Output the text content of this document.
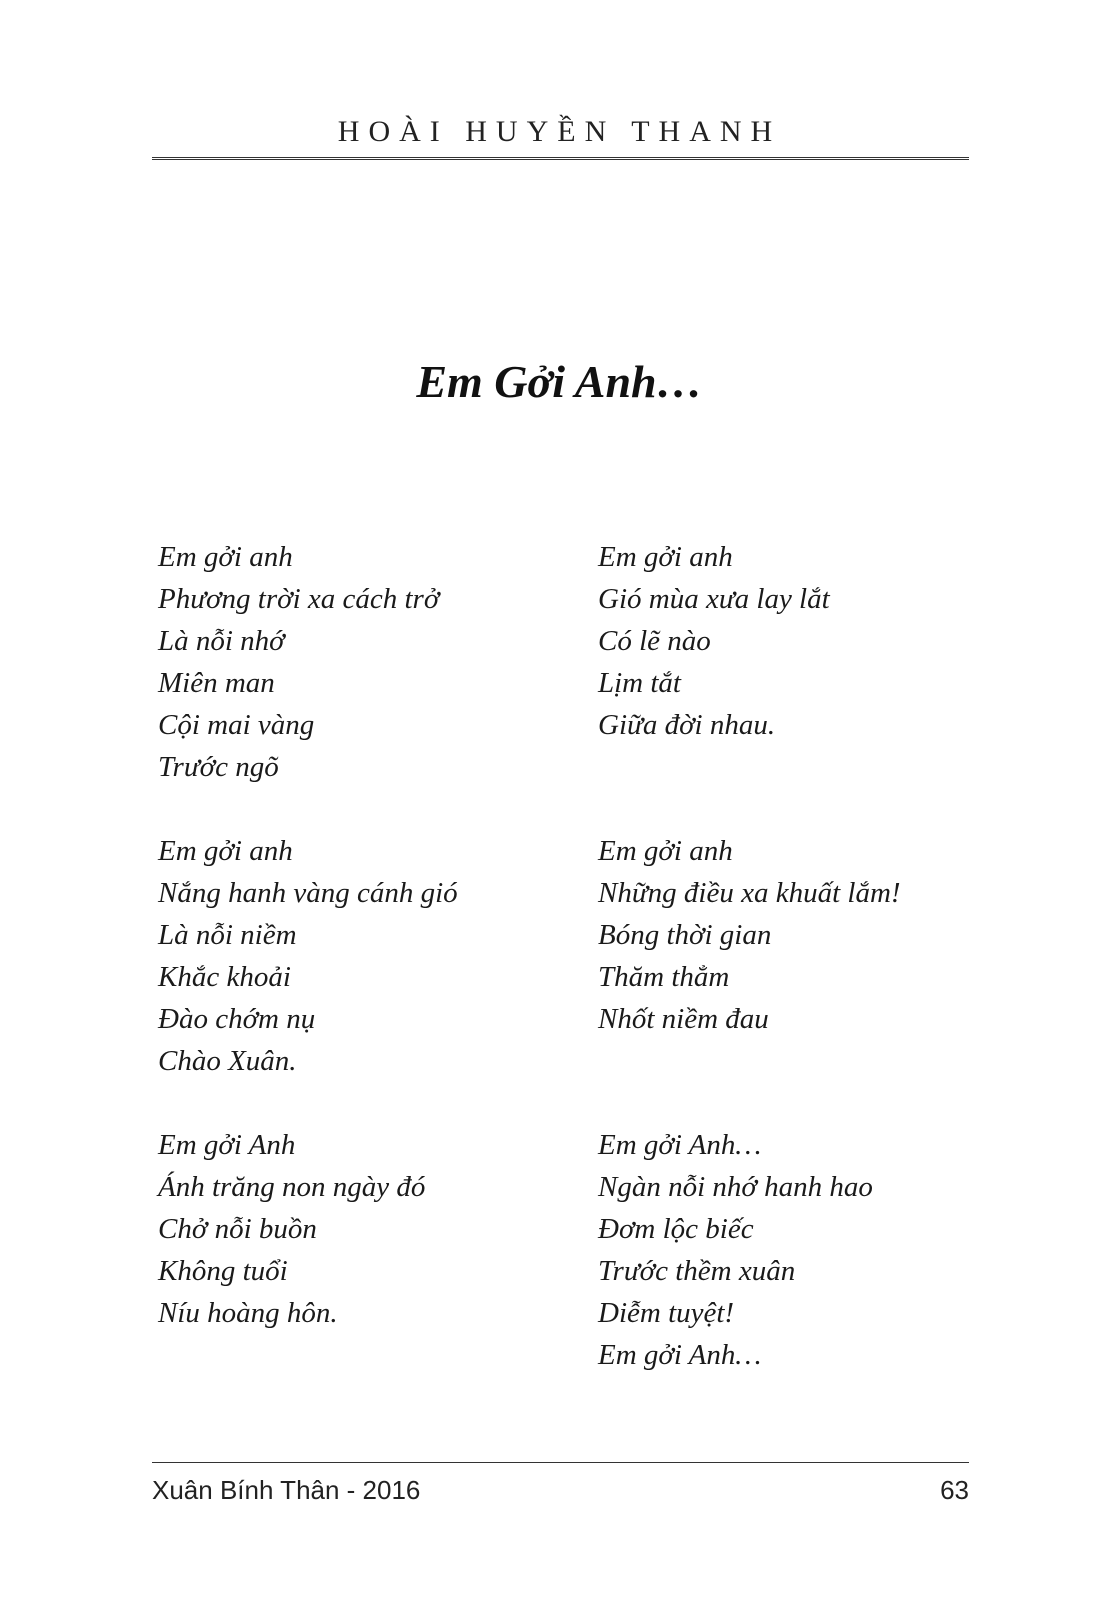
HOÀI HUYỀN THANH
Em Gởi Anh…
Em gởi anh
Phương trời xa cách trở
Là nỗi nhớ
Miên man
Cội mai vàng
Trước ngõ
Em gởi anh
Nắng hanh vàng cánh gió
Là nỗi niềm
Khắc khoải
Đào chớm nụ
Chào Xuân.
Em gởi Anh
Ánh trăng non ngày đó
Chở nỗi buồn
Không tuổi
Níu hoàng hôn.
Em gởi anh
Gió mùa xưa lay lắt
Có lẽ nào
Lịm tắt
Giữa đời nhau.

Em gởi anh
Những điều xa khuất lắm!
Bóng thời gian
Thăm thẳm
Nhốt niềm đau

Em gởi Anh…
Ngàn nỗi nhớ hanh hao
Đơm lộc biếc
Trước thềm xuân
Diễm tuyệt!
Em gởi Anh…
Xuân Bính Thân - 2016	63
